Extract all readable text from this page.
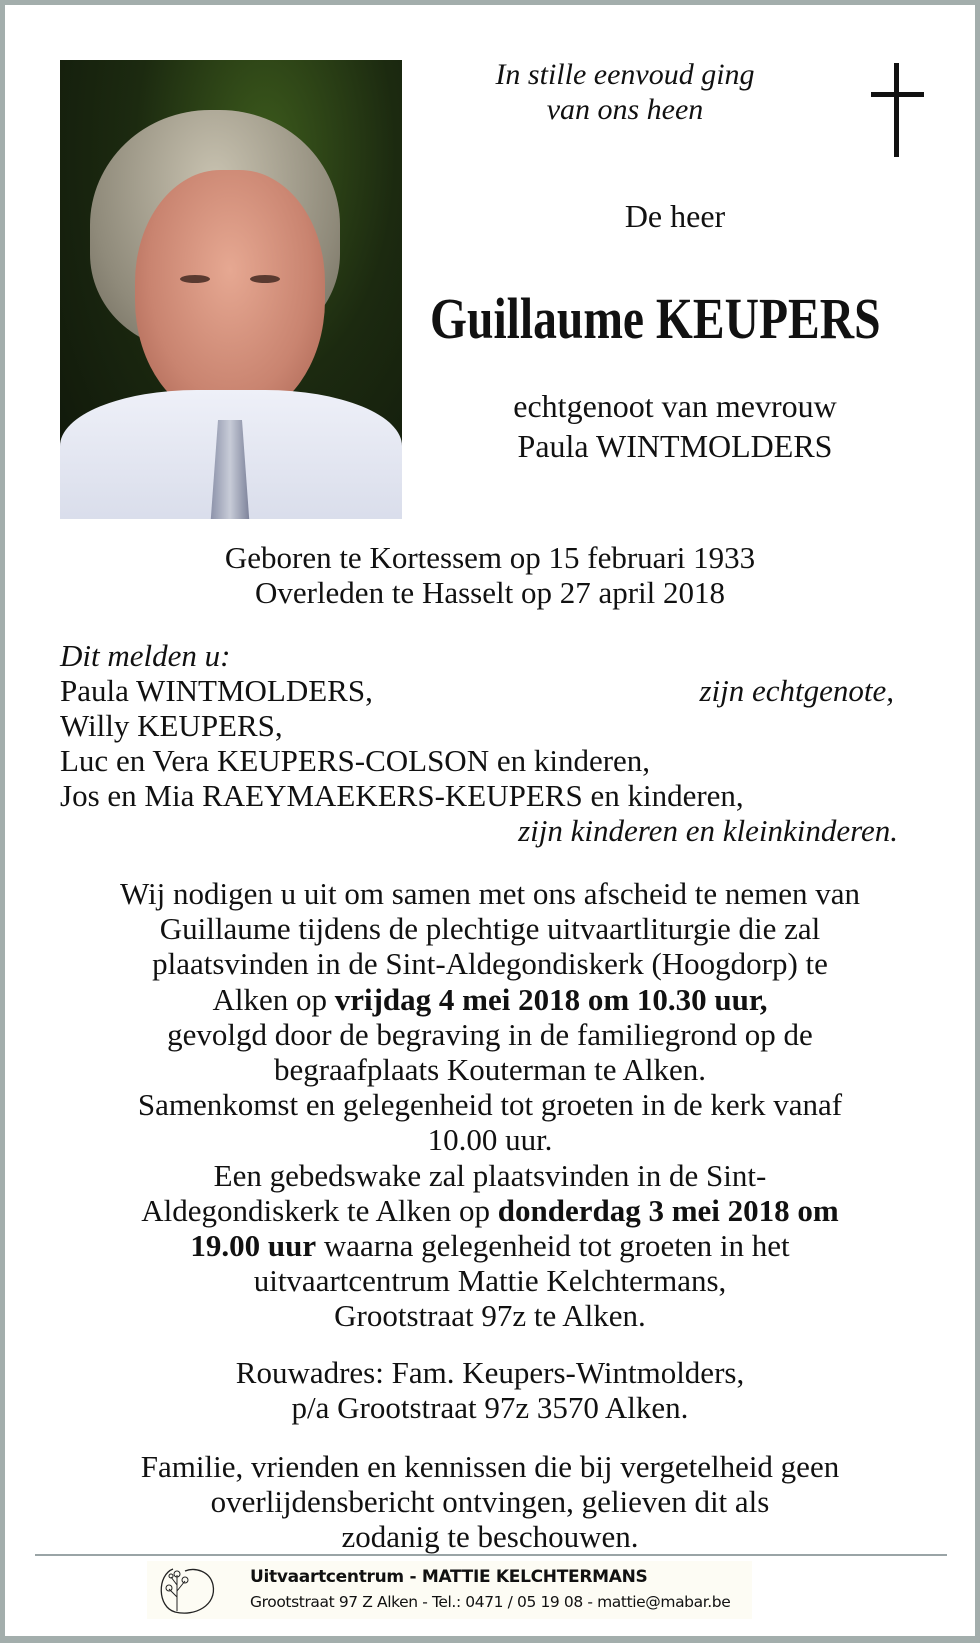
In stille eenvoud ging
van ons heen
De heer
Guillaume KEUPERS
echtgenoot van mevrouw
Paula WINTMOLDERS
Geboren te Kortessem op 15 februari 1933
Overleden te Hasselt op 27 april 2018
Dit melden u:
Paula WINTMOLDERS,	zijn echtgenote,
Willy KEUPERS,
Luc en Vera KEUPERS-COLSON en kinderen,
Jos en Mia RAEYMAEKERS-KEUPERS en kinderen,
zijn kinderen en kleinkinderen.
Wij nodigen u uit om samen met ons afscheid te nemen van
Guillaume tijdens de plechtige uitvaartliturgie die zal
plaatsvinden in de Sint-Aldegondiskerk (Hoogdorp) te
Alken op vrijdag 4 mei 2018 om 10.30 uur,
gevolgd door de begraving in de familiegrond op de
begraafplaats Kouterman te Alken.
Samenkomst en gelegenheid tot groeten in de kerk vanaf
10.00 uur.
Een gebedswake zal plaatsvinden in de Sint-
Aldegondiskerk te Alken op donderdag 3 mei 2018 om
19.00 uur waarna gelegenheid tot groeten in het
uitvaartcentrum Mattie Kelchtermans,
Grootstraat 97z te Alken.
Rouwadres: Fam. Keupers-Wintmolders,
p/a Grootstraat 97z 3570 Alken.
Familie, vrienden en kennissen die bij vergetelheid geen
overlijdensbericht ontvingen, gelieven dit als
zodanig te beschouwen.
Uitvaartcentrum - MATTIE KELCHTERMANS
Grootstraat 97 Z Alken - Tel.: 0471 / 05 19 08 - mattie@mabar.be
